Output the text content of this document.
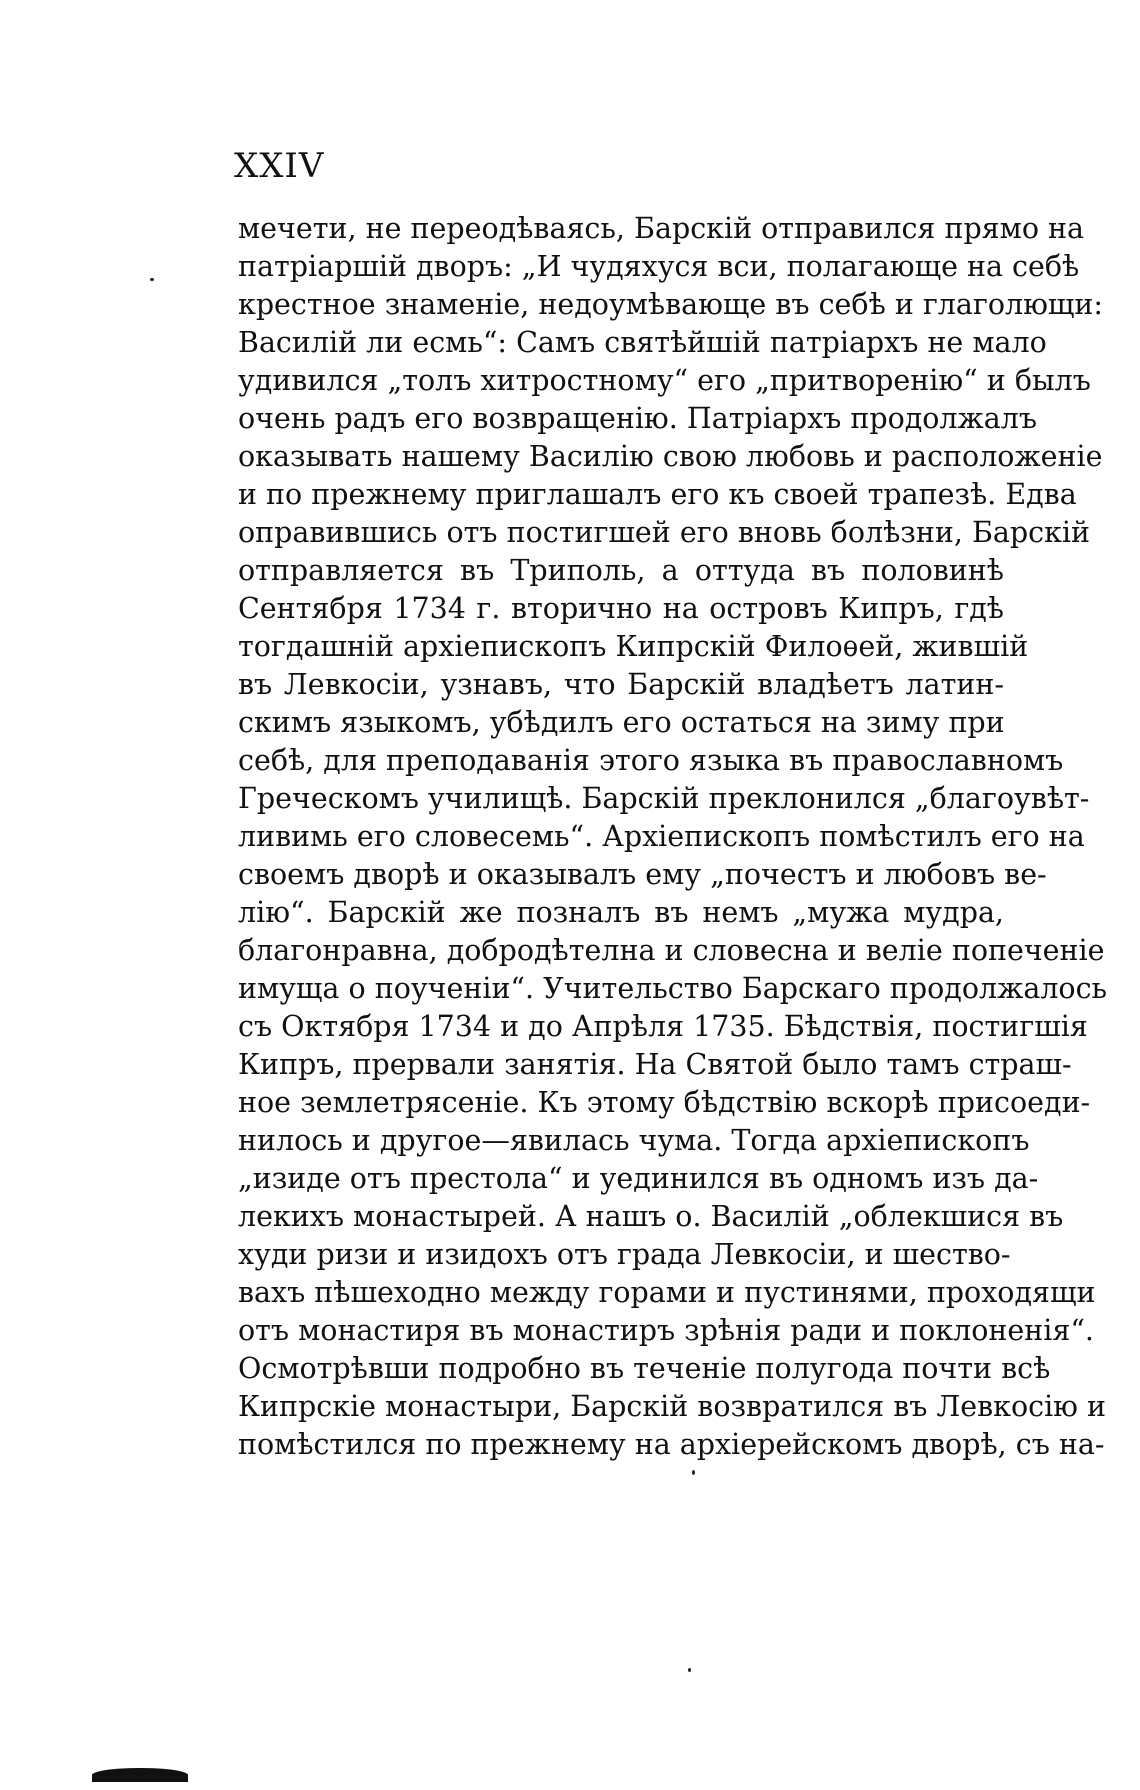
XXIV
мечети, не переодѣваясь, Барскій отправился прямо на
патріаршій дворъ: „И чудяхуся вси, полагающе на себѣ
крестное знаменіе, недоумѣвающе въ себѣ и глаголющи:
Василій ли есмь“: Самъ святѣйшій патріархъ не мало
удивился „толъ хитростному“ его „притворенію“ и былъ
очень радъ его возвращенію. Патріархъ продолжалъ
оказывать нашему Василію свою любовь и расположеніе
и по прежнему приглашалъ его къ своей трапезѣ. Едва
оправившись отъ постигшей его вновь болѣзни, Барскій
отправляется въ Триполь, а оттуда въ половинѣ
Сентября 1734 г. вторично на островъ Кипръ, гдѣ
тогдашній архіепископъ Кипрскій Филоѳей, жившій
въ Левкосіи, узнавъ, что Барскій владѣетъ латин-
скимъ языкомъ, убѣдилъ его остаться на зиму при
себѣ, для преподаванія этого языка въ православномъ
Греческомъ училищѣ. Барскій преклонился „благоувѣт-
ливимь его словесемь“. Архіепископъ помѣстилъ его на
своемъ дворѣ и оказывалъ ему „почестъ и любовъ ве-
лію“. Барскій же позналъ въ немъ „мужа мудра,
благонравна, добродѣтелна и словесна и веліе попеченіе
имуща о поученіи“. Учительство Барскаго продолжалось
съ Октября 1734 и до Апрѣля 1735. Бѣдствія, постигшія
Кипръ, прервали занятія. На Святой было тамъ страш-
ное землетрясеніе. Къ этому бѣдствію вскорѣ присоеди-
нилось и другое—явилась чума. Тогда архіепископъ
„изиде отъ престола“ и уединился въ одномъ изъ да-
лекихъ монастырей. А нашъ о. Василій „облекшися въ
худи ризи и изидохъ отъ града Левкосіи, и шество-
вахъ пѣшеходно между горами и пустинями, проходящи
отъ монастиря въ монастиръ зрѣнія ради и поклоненія“.
Осмотрѣвши подробно въ теченіе полугода почти всѣ
Кипрскіе монастыри, Барскій возвратился въ Левкосію и
помѣстился по прежнему на архіерейскомъ дворѣ, съ на-
